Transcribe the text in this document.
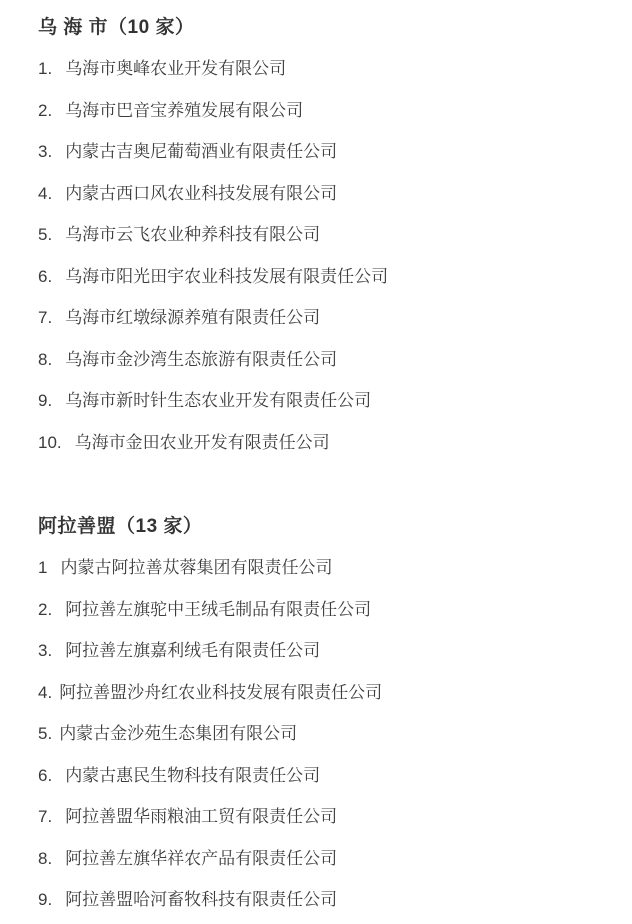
乌 海 市（10 家）

1. 乌海市奥峰农业开发有限公司

2. 乌海市巴音宝养殖发展有限公司

3. 内蒙古吉奥尼葡萄酒业有限责任公司

4. 内蒙古西口风农业科技发展有限公司

5. 乌海市云飞农业种养科技有限公司

6. 乌海市阳光田宇农业科技发展有限责任公司

7. 乌海市红墩绿源养殖有限责任公司

8. 乌海市金沙湾生态旅游有限责任公司

9. 乌海市新时针生态农业开发有限责任公司

10. 乌海市金田农业开发有限责任公司

阿拉善盟（13 家）

1 内蒙古阿拉善苁蓉集团有限责任公司

2. 阿拉善左旗驼中王绒毛制品有限责任公司

3. 阿拉善左旗嘉利绒毛有限责任公司

4. 阿拉善盟沙舟红农业科技发展有限责任公司

5. 内蒙古金沙苑生态集团有限公司

6. 内蒙古惠民生物科技有限责任公司

7. 阿拉善盟华雨粮油工贸有限责任公司

8. 阿拉善左旗华祥农产品有限责任公司

9. 阿拉善盟哈河畜牧科技有限责任公司
